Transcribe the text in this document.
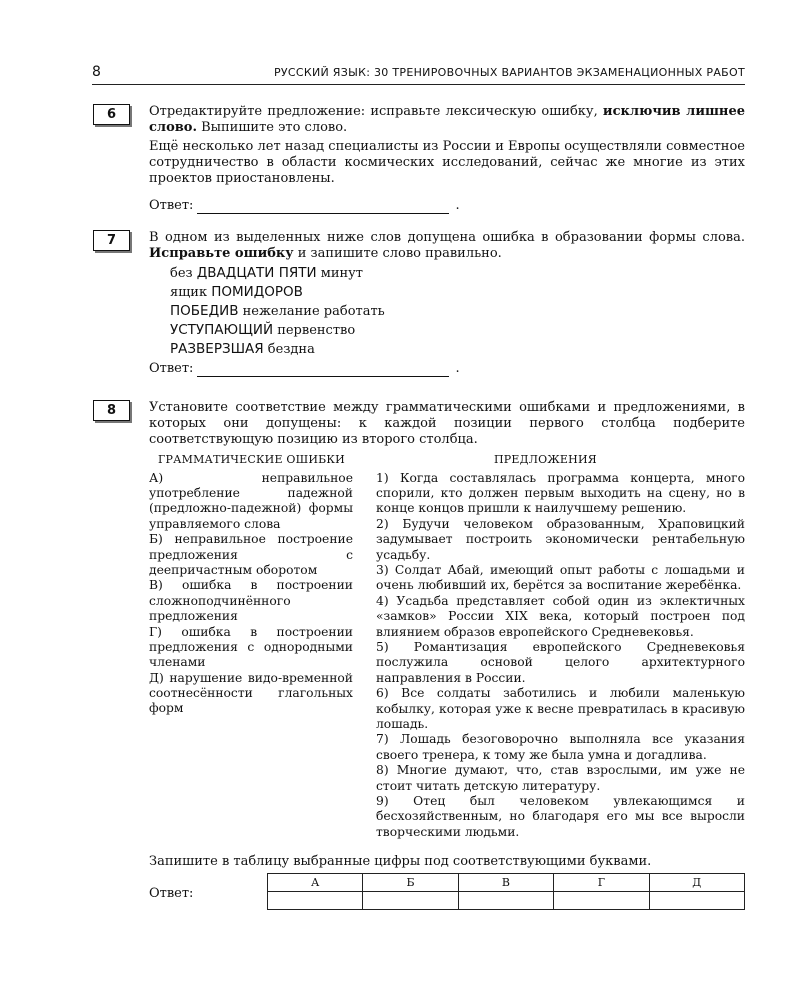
8	РУССКИЙ ЯЗЫК: 30 ТРЕНИРОВОЧНЫХ ВАРИАНТОВ ЭКЗАМЕНАЦИОННЫХ РАБОТ
6	Отредактируйте предложение: исправьте лексическую ошибку, исключив лишнее слово. Выпишите это слово.

Ещё несколько лет назад специалисты из России и Европы осуществляли совместное сотрудничество в области космических исследований, сейчас же многие из этих проектов приостановлены.

Ответ:	.
7	В одном из выделенных ниже слов допущена ошибка в образовании формы слова. Исправьте ошибку и запишите слово правильно.

без ДВАДЦАТИ ПЯТИ минут
ящик ПОМИДОРОВ
ПОБЕДИВ нежелание работать
УСТУПАЮЩИЙ первенство
РАЗВЕРЗШАЯ бездна
Ответ:	.
8	Установите соответствие между грамматическими ошибками и предложениями, в которых они допущены: к каждой позиции первого столбца подберите соответствующую позицию из второго столбца.

ГРАММАТИЧЕСКИЕ ОШИБКИ	ПРЕДЛОЖЕНИЯ
А) неправильное употребление падежной (предложно-падежной) формы управляемого слова
Б) неправильное построение предложения с деепричастным оборотом
В) ошибка в построении сложноподчинённого предложения
Г) ошибка в построении предложения с однородными членами
Д) нарушение видо-временной соотнесённости глагольных форм
1) Когда составлялась программа концерта, много спорили, кто должен первым выходить на сцену, но в конце концов пришли к наилучшему решению.
2) Будучи человеком образованным, Храповицкий задумывает построить экономически рентабельную усадьбу.
3) Солдат Абай, имеющий опыт работы с лошадьми и очень любивший их, берётся за воспитание жеребёнка.
4) Усадьба представляет собой один из эклектичных «замков» России XIX века, который построен под влиянием образов европейского Средневековья.
5) Романтизация европейского Средневековья послужила основой целого архитектурного направления в России.
6) Все солдаты заботились и любили маленькую кобылку, которая уже к весне превратилась в красивую лошадь.
7) Лошадь безоговорочно выполняла все указания своего тренера, к тому же была умна и догадлива.
8) Многие думают, что, став взрослыми, им уже не стоит читать детскую литературу.
9) Отец был человеком увлекающимся и бесхозяйственным, но благодаря его мы все выросли творческими людьми.
Запишите в таблицу выбранные цифры под соответствующими буквами.
Ответ:
А	Б	В	Г	Д
